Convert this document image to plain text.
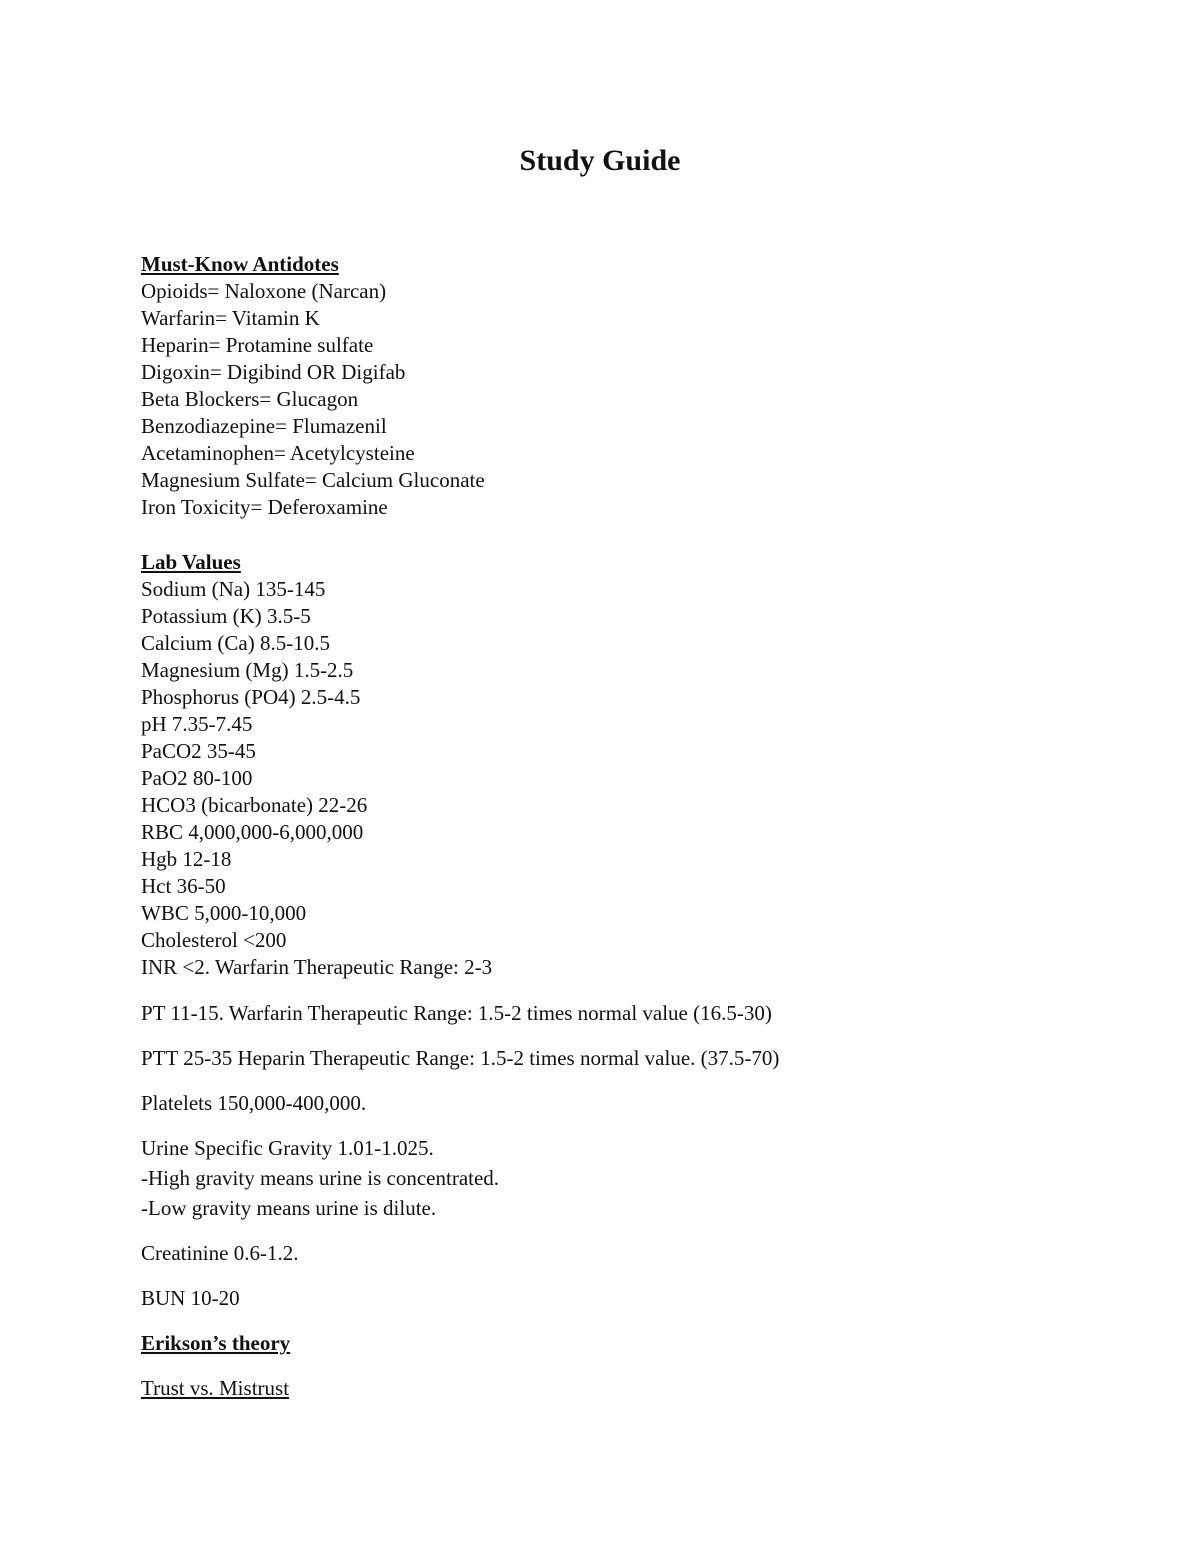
Study Guide
Must-Know Antidotes
Opioids= Naloxone (Narcan)
Warfarin= Vitamin K
Heparin= Protamine sulfate
Digoxin= Digibind OR Digifab
Beta Blockers= Glucagon
Benzodiazepine= Flumazenil
Acetaminophen= Acetylcysteine
Magnesium Sulfate= Calcium Gluconate
Iron Toxicity= Deferoxamine
Lab Values
Sodium (Na) 135-145
Potassium (K) 3.5-5
Calcium (Ca) 8.5-10.5
Magnesium (Mg) 1.5-2.5
Phosphorus (PO4) 2.5-4.5
pH 7.35-7.45
PaCO2 35-45
PaO2 80-100
HCO3 (bicarbonate) 22-26
RBC 4,000,000-6,000,000
Hgb 12-18
Hct 36-50
WBC 5,000-10,000
Cholesterol <200
INR <2. Warfarin Therapeutic Range: 2-3
PT 11-15. Warfarin Therapeutic Range: 1.5-2 times normal value (16.5-30)
PTT 25-35 Heparin Therapeutic Range: 1.5-2 times normal value. (37.5-70)
Platelets 150,000-400,000.
Urine Specific Gravity 1.01-1.025.
-High gravity means urine is concentrated.
-Low gravity means urine is dilute.
Creatinine 0.6-1.2.
BUN 10-20
Erikson’s theory
Trust vs. Mistrust
